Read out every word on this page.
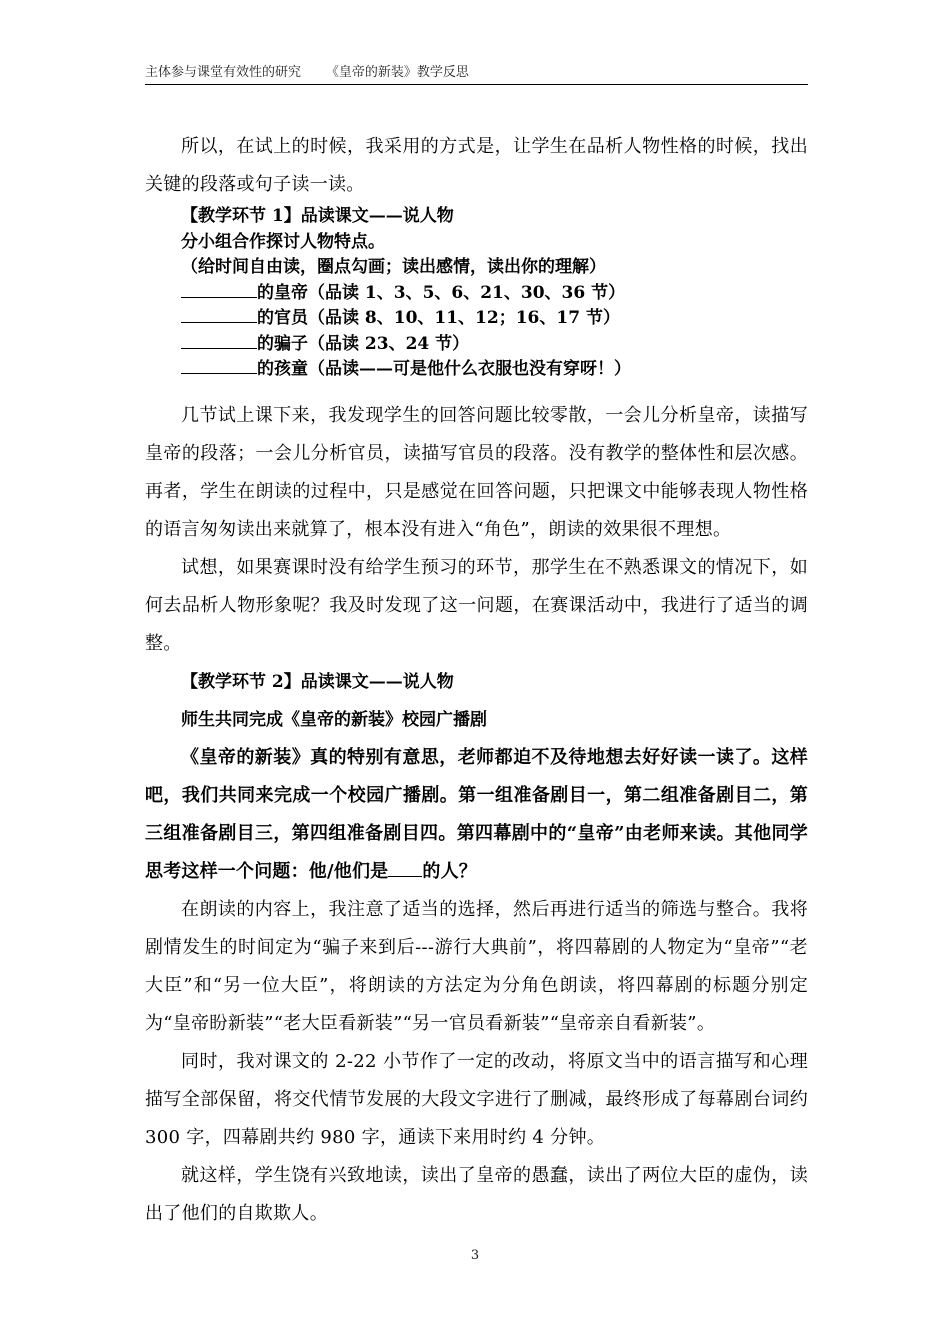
主体参与课堂有效性的研究 《皇帝的新装》教学反思

所以，在试上的时候，我采用的方式是，让学生在品析人物性格的时候，找出关键的段落或句子读一读。

【教学环节 1】品读课文——说人物

分小组合作探讨人物特点。

（给时间自由读，圈点勾画；读出感情，读出你的理解）

的皇帝（品读 1、3、5、6、21、30、36 节）

的官员（品读 8、10、11、12；16、17 节）

的骗子（品读 23、24 节）

的孩童（品读——可是他什么衣服也没有穿呀！）

几节试上课下来，我发现学生的回答问题比较零散，一会儿分析皇帝，读描写皇帝的段落；一会儿分析官员，读描写官员的段落。没有教学的整体性和层次感。再者，学生在朗读的过程中，只是感觉在回答问题，只把课文中能够表现人物性格的语言匆匆读出来就算了，根本没有进入“角色”，朗读的效果很不理想。

试想，如果赛课时没有给学生预习的环节，那学生在不熟悉课文的情况下，如何去品析人物形象呢？我及时发现了这一问题，在赛课活动中，我进行了适当的调整。

【教学环节 2】品读课文——说人物

师生共同完成《皇帝的新装》校园广播剧

《皇帝的新装》真的特别有意思，老师都迫不及待地想去好好读一读了。这样吧，我们共同来完成一个校园广播剧。第一组准备剧目一，第二组准备剧目二，第三组准备剧目三，第四组准备剧目四。第四幕剧中的“皇帝”由老师来读。其他同学思考这样一个问题：他/他们是 的人？

在朗读的内容上，我注意了适当的选择，然后再进行适当的筛选与整合。我将剧情发生的时间定为“骗子来到后---游行大典前”，将四幕剧的人物定为“皇帝”“老大臣”和“另一位大臣”，将朗读的方法定为分角色朗读，将四幕剧的标题分别定为“皇帝盼新装”“老大臣看新装”“另一官员看新装”“皇帝亲自看新装”。

同时，我对课文的 2-22 小节作了一定的改动，将原文当中的语言描写和心理描写全部保留，将交代情节发展的大段文字进行了删减，最终形成了每幕剧台词约 300 字，四幕剧共约 980 字，通读下来用时约 4 分钟。

就这样，学生饶有兴致地读，读出了皇帝的愚蠢，读出了两位大臣的虚伪，读出了他们的自欺欺人。

3
